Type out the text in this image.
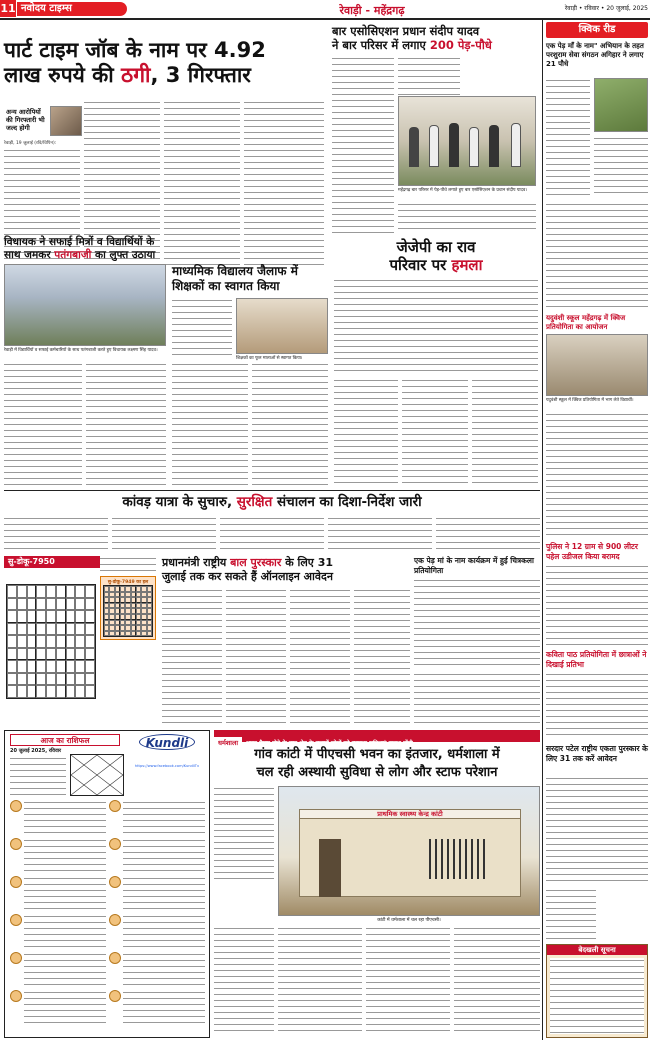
11 नवोदय टाइम्स	रेवाड़ी - महेंद्रगढ़	रेवाड़ी • रविवार • 20 जुलाई, 2025
पार्ट टाइम जॉब के नाम पर 4.92
लाख रुपये की ठगी, 3 गिरफ्तार
अन्य आरोपियों की गिरफ्तारी भी जल्द होगी
रेवाड़ी, 19 जुलाई (रवि/विपिन):
बार एसोसिएशन प्रधान संदीप यादव
ने बार परिसर में लगाए 200 पेड़-पौधे
महेंद्रगढ़ बार परिसर में पेड़-पौधे लगाते हुए बार एसोसिएशन के प्रधान संदीप यादव।
क्विक रीड
एक पेड़ माँ के नाम" अभियान के तहत परशुराम सेवा संगठन अगिहार ने लगाए 21 पौधे
यदुवंशी स्कूल महेंद्रगढ़ में क्विज प्रतियोगिता का आयोजन
यदुवंशी स्कूल में क्विज प्रतियोगिता में भाग लेते विद्यार्थी।
पुलिस ने 12 ग्राम से 900 लीटर पहेल उडीजल किया बरामद
विधायक ने सफाई मित्रों व विद्यार्थियों के
साथ जमकर पतंगबाजी का लुफ्त उठाया
रेवाड़ी में विद्यार्थियों व सफाई कर्मचारियों के साथ पतंगबाजी करते हुए विधायक लक्ष्मण सिंह यादव।
माध्यमिक विद्यालय जैलाफ में
शिक्षकों का स्वागत किया
शिक्षकों का फूल मालाओं से स्वागत किया।
जेजेपी का राव
परिवार पर हमला
कांवड़ यात्रा के सुचारु, सुरक्षित संचालन का दिशा-निर्देश जारी
सु-डोकू-7950
सु-डोकू-7949 का हल
प्रधानमंत्री राष्ट्रीय बाल पुरस्कार के लिए 31
जुलाई तक कर सकते हैं ऑनलाइन आवेदन
एक पेड़ मां के नाम कार्यक्रम में हुई चित्रकला प्रतियोगिता
कविता पाठ प्रतियोगिता में छात्राओं ने दिखाई प्रतिभा
आज का राशिफल
20 जुलाई 2025, रविवार
Kundli
https://www.facebook.com/KundliTv
धर्मशाला भवन तैयार होने के बाद क्षेत्र के हजारों लोगों को स्वास्थ्य सुविधाएं सुलभ होंगी
गांव कांटी में पीएचसी भवन का इंतजार, धर्मशाला में
चल रही अस्थायी सुविधा से लोग और स्टाफ परेशान
प्राथमिक स्वास्थ्य केन्द्र कांटी
कांटी में धर्मशाला में चल रहा पीएचसी।
सरदार पटेल राष्ट्रीय एकता पुरस्कार के लिए 31 तक करें आवेदन
बेदखली सूचना
